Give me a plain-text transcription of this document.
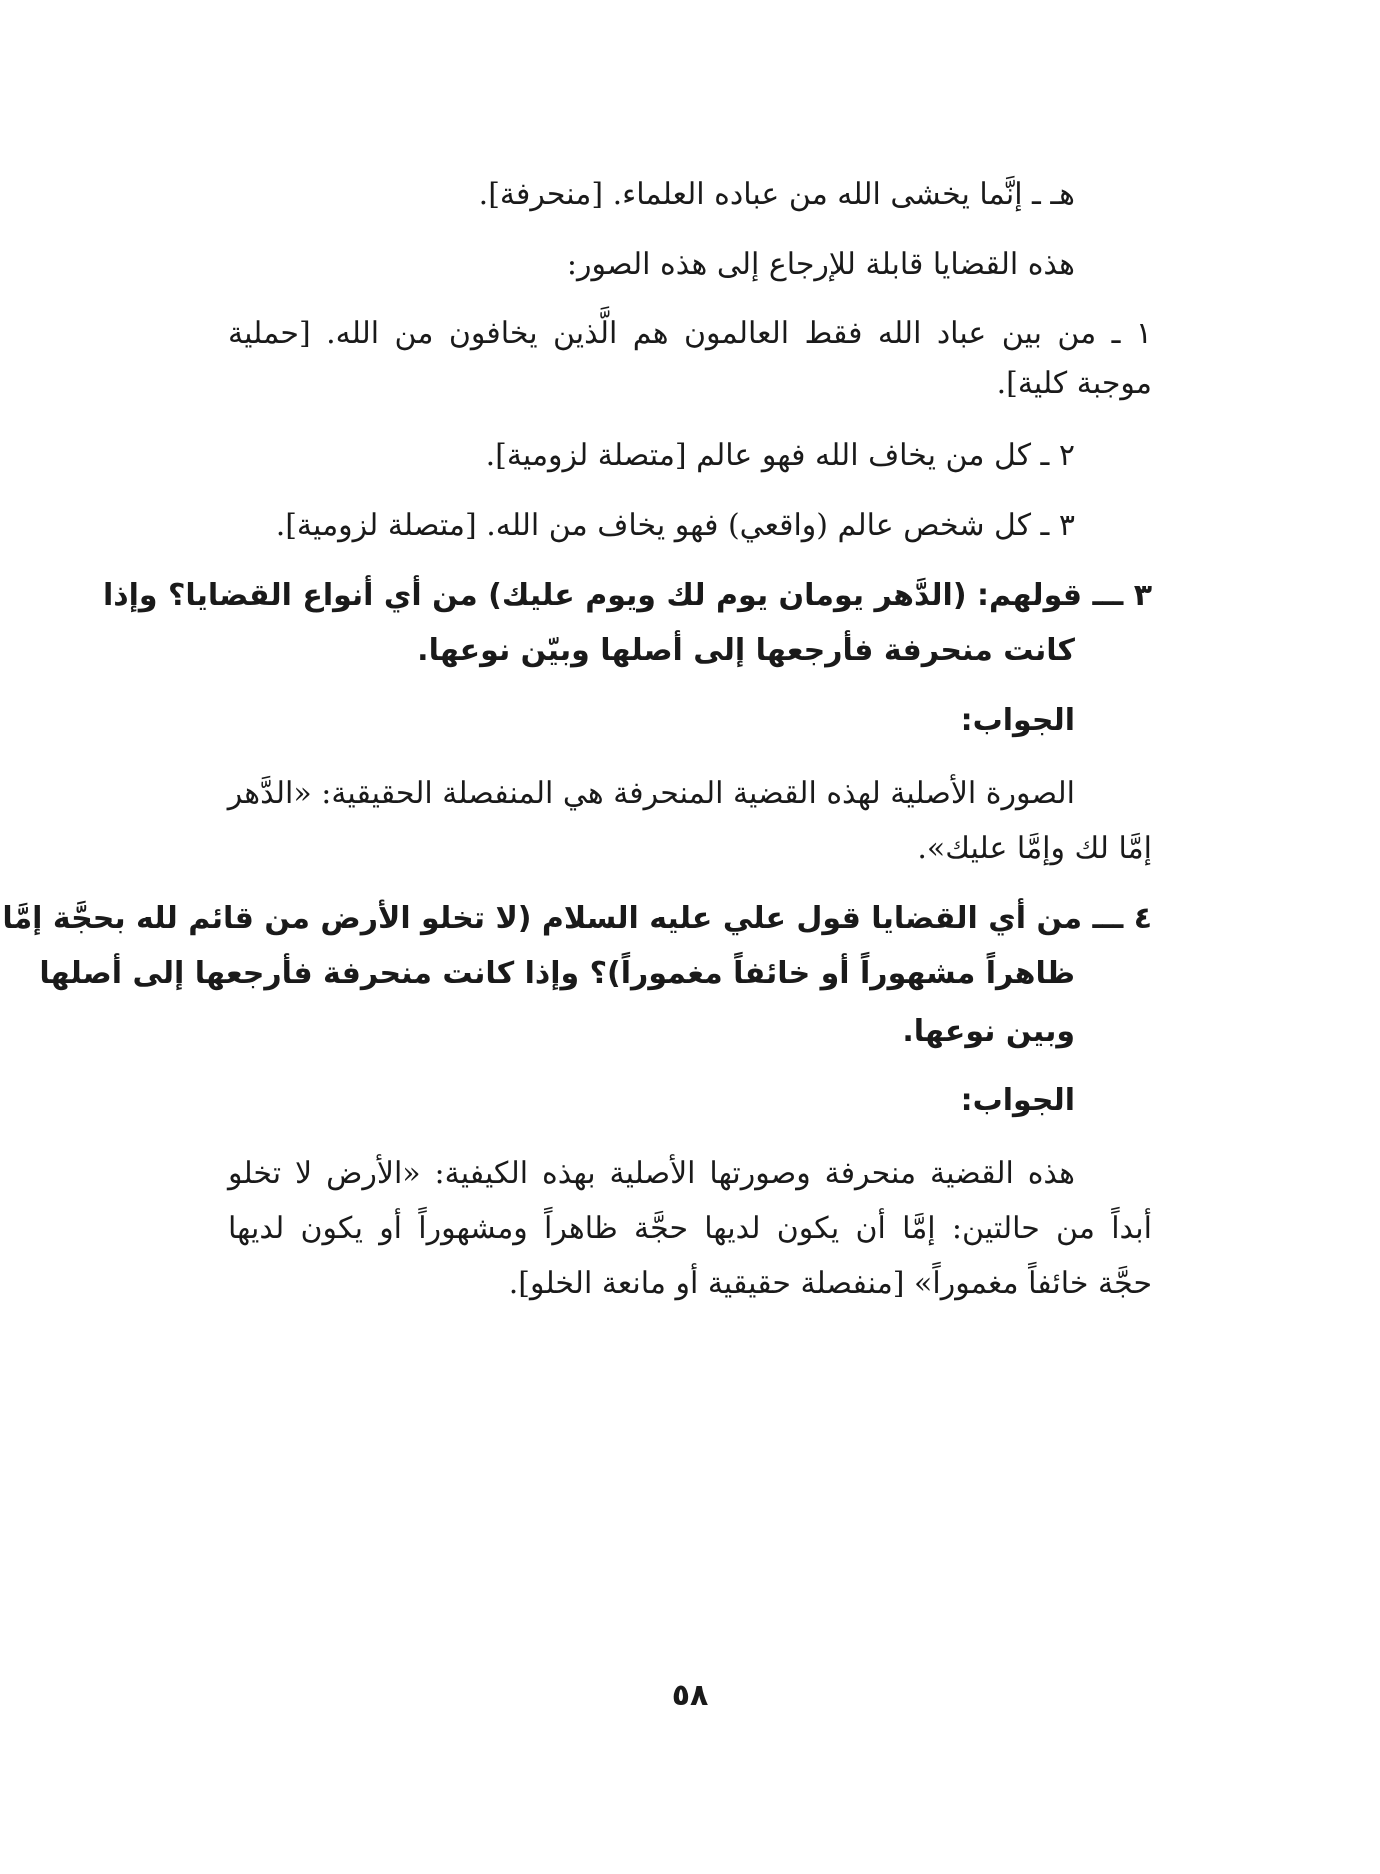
هـ ـ إنَّما يخشى الله من عباده العلماء. [منحرفة].
هذه القضايا قابلة للإرجاع إلى هذه الصور:
١ ـ من بين عباد الله فقط العالمون هم الَّذين يخافون من الله. [حملية
موجبة كلية].
٢ ـ كل من يخاف الله فهو عالم [متصلة لزومية].
٣ ـ كل شخص عالم (واقعي) فهو يخاف من الله. [متصلة لزومية].
٣ ـــ قولهم: (الدَّهر يومان يوم لك ويوم عليك) من أي أنواع القضايا؟ وإذا
كانت منحرفة فأرجعها إلى أصلها وبيّن نوعها.
الجواب:
الصورة الأصلية لهذه القضية المنحرفة هي المنفصلة الحقيقية: «الدَّهر
إمَّا لك وإمَّا عليك».
٤ ـــ من أي القضايا قول علي عليه السلام (لا تخلو الأرض من قائم لله بحجَّة إمَّا
ظاهراً مشهوراً أو خائفاً مغموراً)؟ وإذا كانت منحرفة فأرجعها إلى أصلها
وبين نوعها.
الجواب:
هذه القضية منحرفة وصورتها الأصلية بهذه الكيفية: «الأرض لا تخلو
أبداً من حالتين: إمَّا أن يكون لديها حجَّة ظاهراً ومشهوراً أو يكون لديها
حجَّة خائفاً مغموراً» [منفصلة حقيقية أو مانعة الخلو].
٥٨
